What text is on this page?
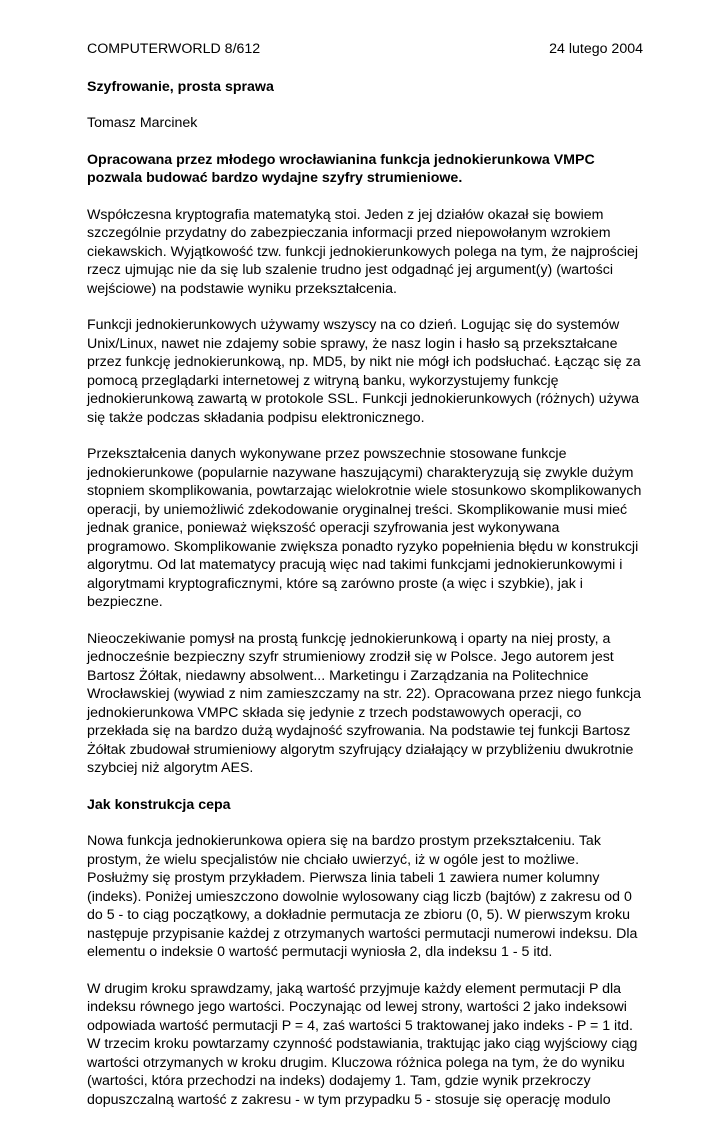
COMPUTERWORLD 8/612	24 lutego 2004

Szyfrowanie, prosta sprawa

Tomasz Marcinek

Opracowana przez młodego wrocławianina funkcja jednokierunkowa VMPC pozwala budować bardzo wydajne szyfry strumieniowe.

Współczesna kryptografia matematyką stoi. Jeden z jej działów okazał się bowiem szczególnie przydatny do zabezpieczania informacji przed niepowołanym wzrokiem ciekawskich. Wyjątkowość tzw. funkcji jednokierunkowych polega na tym, że najprościej rzecz ujmując nie da się lub szalenie trudno jest odgadnąć jej argument(y) (wartości wejściowe) na podstawie wyniku przekształcenia.

Funkcji jednokierunkowych używamy wszyscy na co dzień. Logując się do systemów Unix/Linux, nawet nie zdajemy sobie sprawy, że nasz login i hasło są przekształcane przez funkcję jednokierunkową, np. MD5, by nikt nie mógł ich podsłuchać. Łącząc się za pomocą przeglądarki internetowej z witryną banku, wykorzystujemy funkcję jednokierunkową zawartą w protokole SSL. Funkcji jednokierunkowych (różnych) używa się także podczas składania podpisu elektronicznego.

Przekształcenia danych wykonywane przez powszechnie stosowane funkcje jednokierunkowe (popularnie nazywane haszującymi) charakteryzują się zwykle dużym stopniem skomplikowania, powtarzając wielokrotnie wiele stosunkowo skomplikowanych operacji, by uniemożliwić zdekodowanie oryginalnej treści. Skomplikowanie musi mieć jednak granice, ponieważ większość operacji szyfrowania jest wykonywana programowo. Skomplikowanie zwiększa ponadto ryzyko popełnienia błędu w konstrukcji algorytmu. Od lat matematycy pracują więc nad takimi funkcjami jednokierunkowymi i algorytmami kryptograficznymi, które są zarówno proste (a więc i szybkie), jak i bezpieczne.

Nieoczekiwanie pomysł na prostą funkcję jednokierunkową i oparty na niej prosty, a jednocześnie bezpieczny szyfr strumieniowy zrodził się w Polsce. Jego autorem jest Bartosz Żółtak, niedawny absolwent... Marketingu i Zarządzania na Politechnice Wrocławskiej (wywiad z nim zamieszczamy na str. 22). Opracowana przez niego funkcja jednokierunkowa VMPC składa się jedynie z trzech podstawowych operacji, co przekłada się na bardzo dużą wydajność szyfrowania. Na podstawie tej funkcji Bartosz Żółtak zbudował strumieniowy algorytm szyfrujący działający w przybliżeniu dwukrotnie szybciej niż algorytm AES.

Jak konstrukcja cepa

Nowa funkcja jednokierunkowa opiera się na bardzo prostym przekształceniu. Tak prostym, że wielu specjalistów nie chciało uwierzyć, iż w ogóle jest to możliwe. Posłużmy się prostym przykładem. Pierwsza linia tabeli 1 zawiera numer kolumny (indeks). Poniżej umieszczono dowolnie wylosowany ciąg liczb (bajtów) z zakresu od 0 do 5 - to ciąg początkowy, a dokładnie permutacja ze zbioru (0, 5). W pierwszym kroku następuje przypisanie każdej z otrzymanych wartości permutacji numerowi indeksu. Dla elementu o indeksie 0 wartość permutacji wyniosła 2, dla indeksu 1 - 5 itd.

W drugim kroku sprawdzamy, jaką wartość przyjmuje każdy element permutacji P dla indeksu równego jego wartości. Poczynając od lewej strony, wartości 2 jako indeksowi odpowiada wartość permutacji P = 4, zaś wartości 5 traktowanej jako indeks - P = 1 itd. W trzecim kroku powtarzamy czynność podstawiania, traktując jako ciąg wyjściowy ciąg wartości otrzymanych w kroku drugim. Kluczowa różnica polega na tym, że do wyniku (wartości, która przechodzi na indeks) dodajemy 1. Tam, gdzie wynik przekroczy dopuszczalną wartość z zakresu - w tym przypadku 5 - stosuje się operację modulo
